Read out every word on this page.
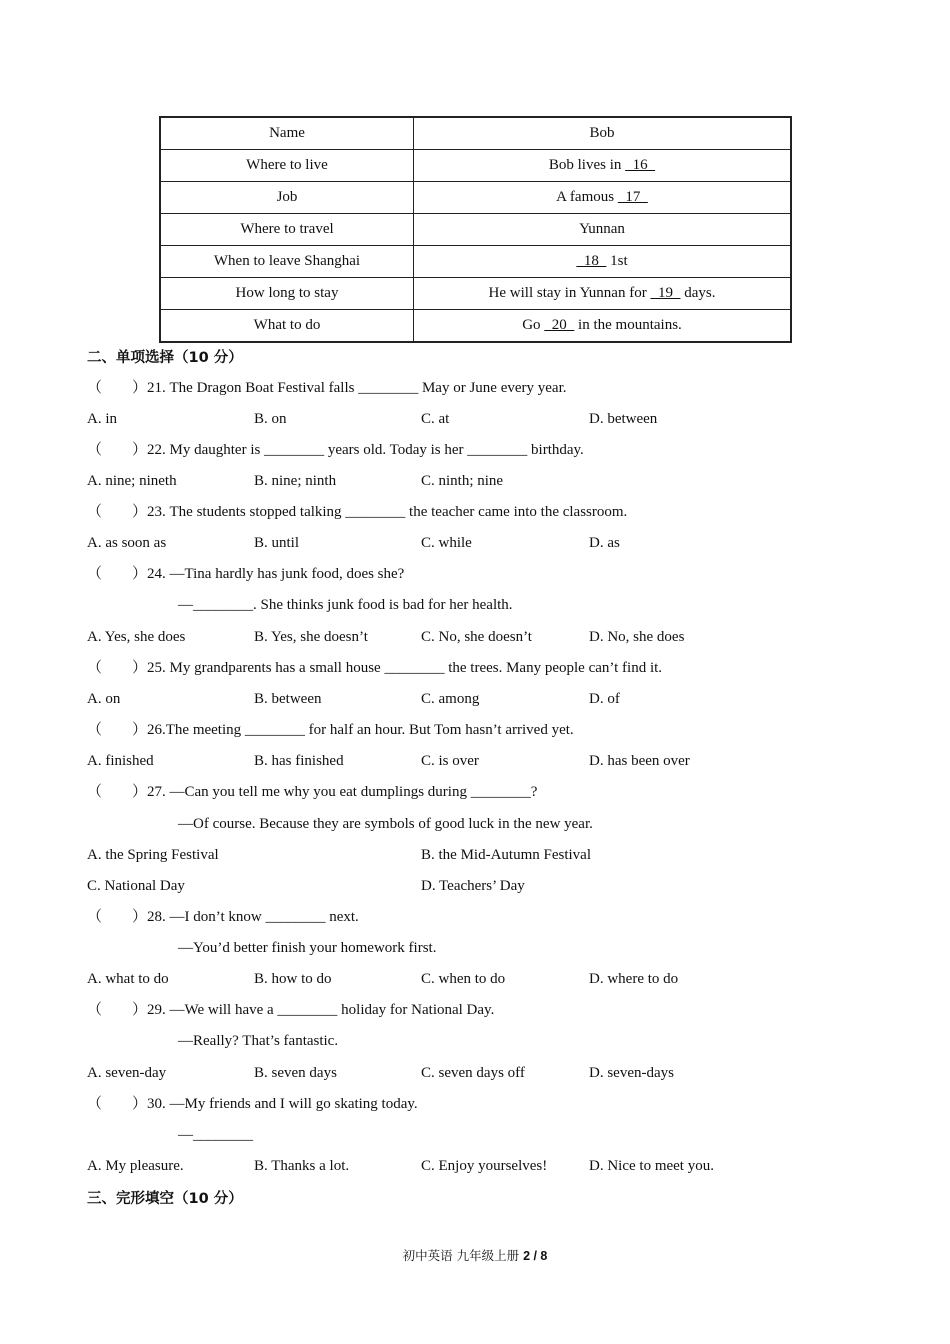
Name	Bob
Where to live	Bob lives in   16
Job	A famous   17
Where to travel	Yunnan
When to leave Shanghai	18   1st
How long to stay	He will stay in Yunnan for   19   days.
What to do	Go   20   in the mountains.
二、单项选择（10 分）
（        ）21. The Dragon Boat Festival falls ________ May or June every year.
A. in	B. on	C. at	D. between
（        ）22. My daughter is ________ years old. Today is her ________ birthday.
A. nine; nineth	B. nine; ninth	C. ninth; nine
（        ）23. The students stopped talking ________ the teacher came into the classroom.
A. as soon as	B. until	C. while	D. as
（        ）24. —Tina hardly has junk food, does she?
—________. She thinks junk food is bad for her health.
A. Yes, she does	B. Yes, she doesn’t	C. No, she doesn’t	D. No, she does
（        ）25. My grandparents has a small house ________ the trees. Many people can’t find it.
A. on	B. between	C. among	D. of
（        ）26.The meeting ________ for half an hour. But Tom hasn’t arrived yet.
A. finished	B. has finished	C. is over	D. has been over
（        ）27. —Can you tell me why you eat dumplings during ________?
—Of course. Because they are symbols of good luck in the new year.
A. the Spring Festival	B. the Mid-Autumn Festival
C. National Day	D. Teachers’ Day
（        ）28. —I don’t know ________ next.
—You’d better finish your homework first.
A. what to do	B. how to do	C. when to do	D. where to do
（        ）29. —We will have a ________ holiday for National Day.
—Really? That’s fantastic.
A. seven-day	B. seven days	C. seven days off	D. seven-days
（        ）30. —My friends and I will go skating today.
—________
A. My pleasure.	B. Thanks a lot.	C. Enjoy yourselves!	D. Nice to meet you.
三、完形填空（10 分）
初中英语 九年级上册 2 / 8
